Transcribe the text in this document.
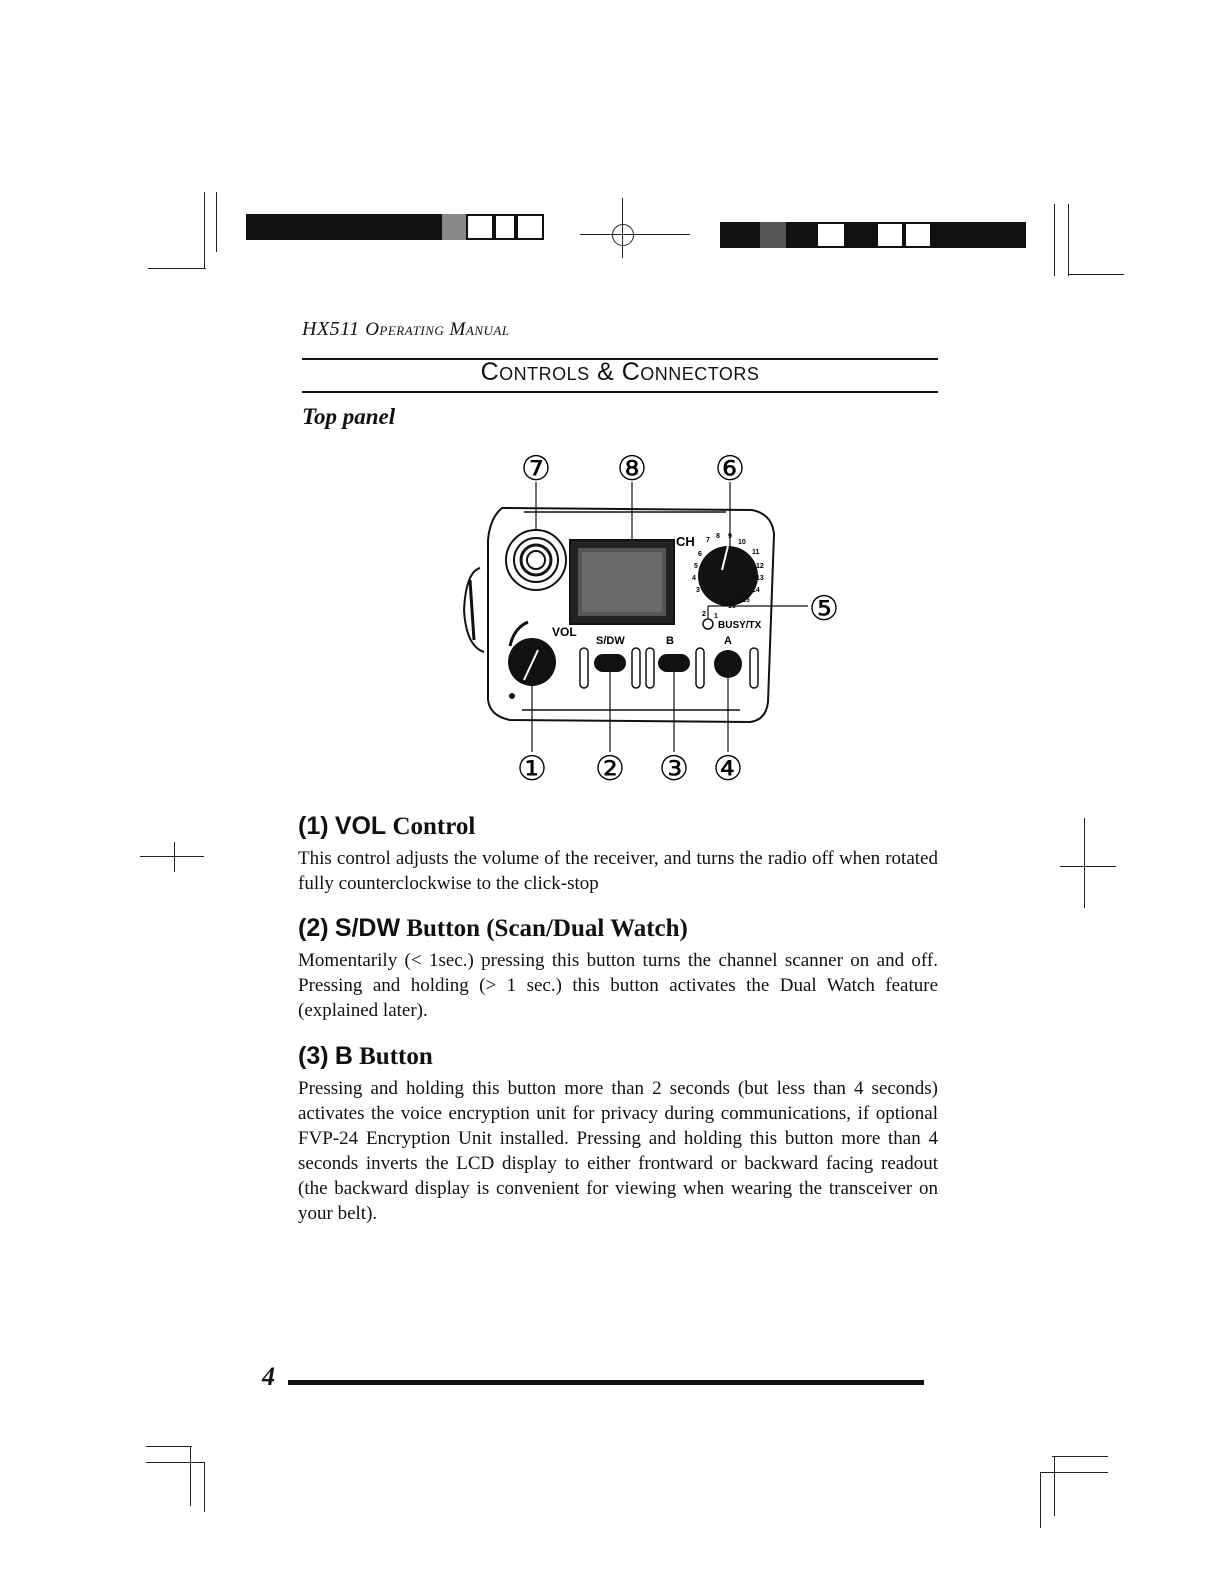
HX511 Operating Manual
Controls & Connectors
Top panel
CH
1
2
3
4
5
6
7
8 9
10
11
12
13
14
15
16
BUSY/TX
VOL
S/DW	B	A
⑦ ⑧ ⑥
⑤
① ② ③ ④
(1) VOL Control

This control adjusts the volume of the receiver, and turns the radio off when rotated fully counterclockwise to the click-stop

(2) S/DW Button (Scan/Dual Watch)

Momentarily (< 1sec.) pressing this button turns the channel scanner on and off. Pressing and holding (> 1 sec.) this button activates the Dual Watch feature (explained later).

(3) B Button

Pressing and holding this button more than 2 seconds (but less than 4 seconds) activates the voice encryption unit for privacy during communications, if optional FVP-24 Encryption Unit installed. Pressing and holding this button more than 4 seconds inverts the LCD display to either frontward or backward facing readout (the backward display is convenient for viewing when wearing the transceiver on your belt).

4
